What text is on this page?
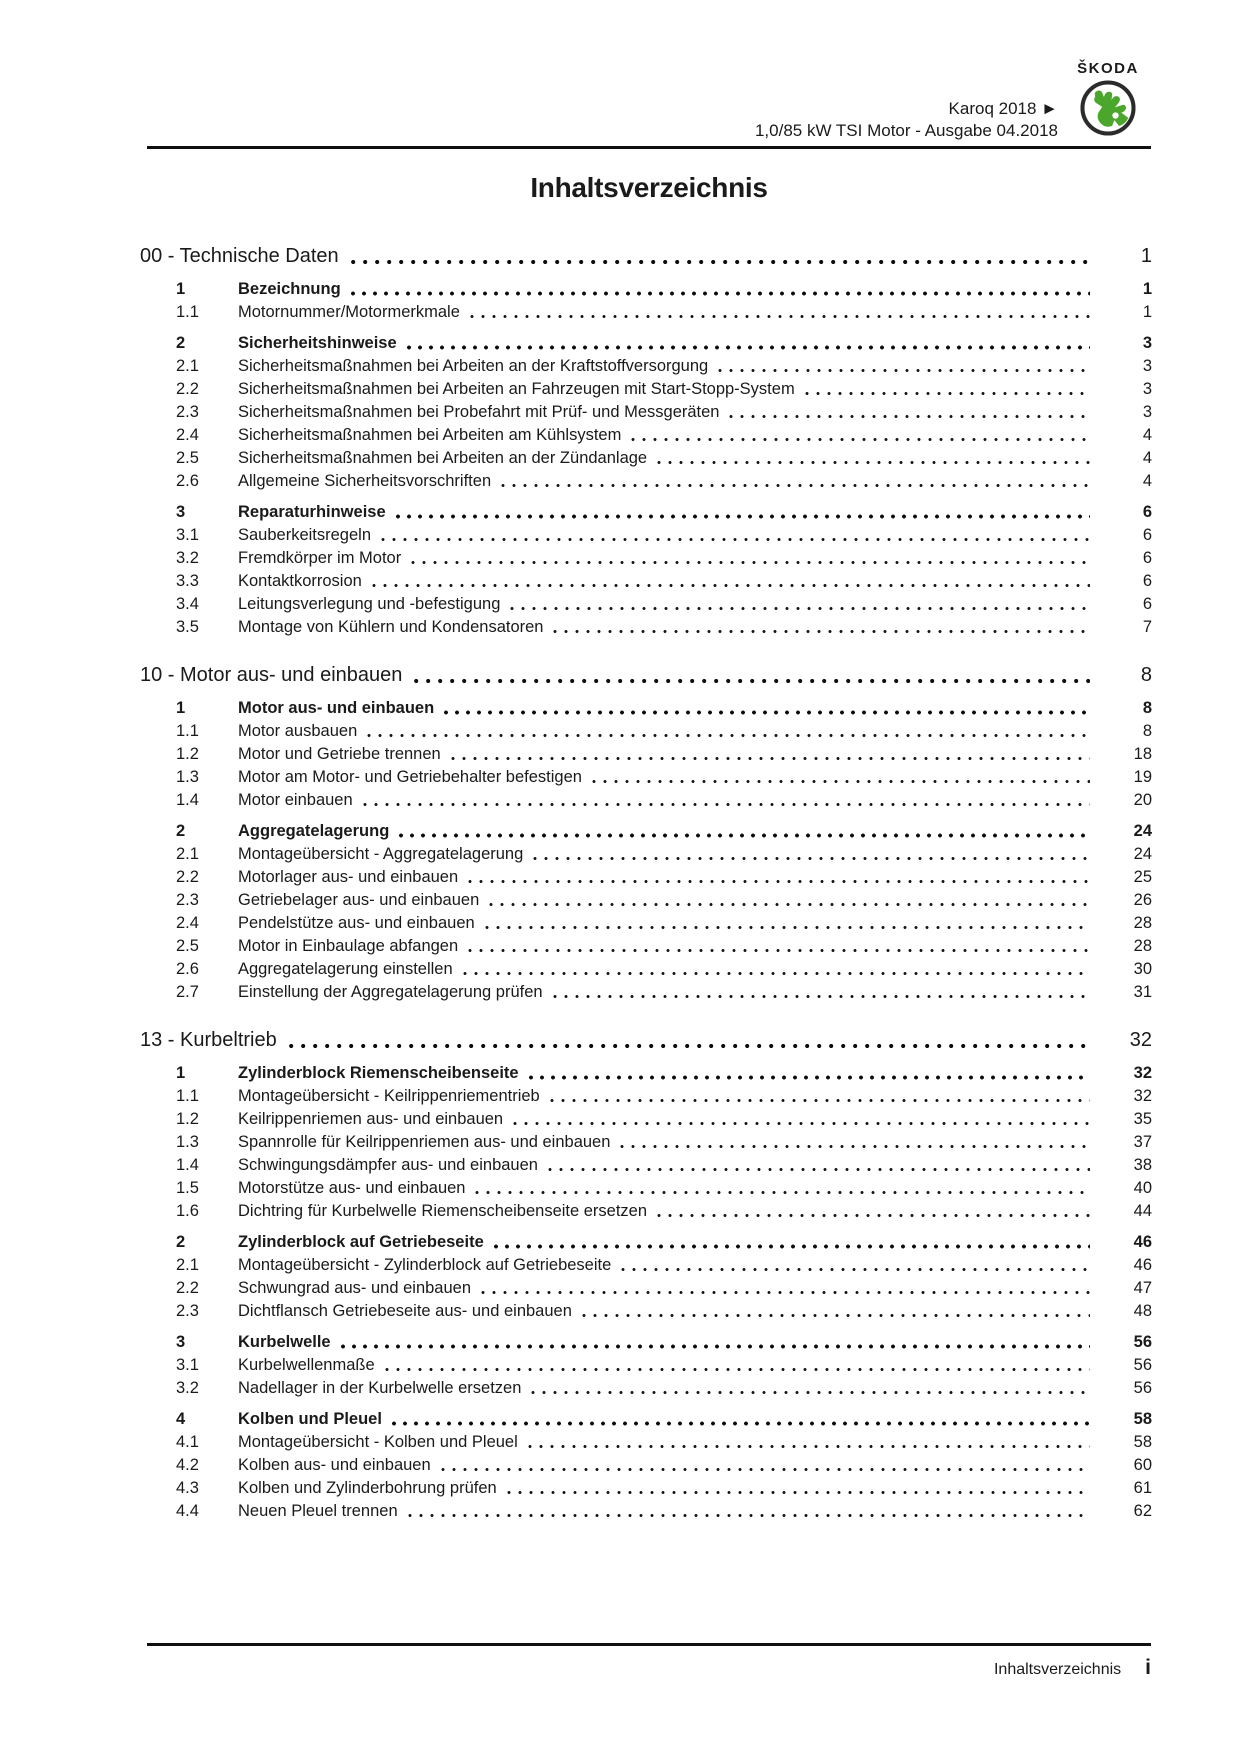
Karoq 2018 ►
1,0/85 kW TSI Motor - Ausgabe 04.2018
ŠKODA
Inhaltsverzeichnis
00 - Technische Daten	1
1	Bezeichnung	1
1.1	Motornummer/Motormerkmale	1
2	Sicherheitshinweise	3
2.1	Sicherheitsmaßnahmen bei Arbeiten an der Kraftstoffversorgung	3
2.2	Sicherheitsmaßnahmen bei Arbeiten an Fahrzeugen mit Start-Stopp-System	3
2.3	Sicherheitsmaßnahmen bei Probefahrt mit Prüf- und Messgeräten	3
2.4	Sicherheitsmaßnahmen bei Arbeiten am Kühlsystem	4
2.5	Sicherheitsmaßnahmen bei Arbeiten an der Zündanlage	4
2.6	Allgemeine Sicherheitsvorschriften	4
3	Reparaturhinweise	6
3.1	Sauberkeitsregeln	6
3.2	Fremdkörper im Motor	6
3.3	Kontaktkorrosion	6
3.4	Leitungsverlegung und -befestigung	6
3.5	Montage von Kühlern und Kondensatoren	7
10 - Motor aus- und einbauen	8
1	Motor aus- und einbauen	8
1.1	Motor ausbauen	8
1.2	Motor und Getriebe trennen	18
1.3	Motor am Motor- und Getriebehalter befestigen	19
1.4	Motor einbauen	20
2	Aggregatelagerung	24
2.1	Montageübersicht - Aggregatelagerung	24
2.2	Motorlager aus- und einbauen	25
2.3	Getriebelager aus- und einbauen	26
2.4	Pendelstütze aus- und einbauen	28
2.5	Motor in Einbaulage abfangen	28
2.6	Aggregatelagerung einstellen	30
2.7	Einstellung der Aggregatelagerung prüfen	31
13 - Kurbeltrieb	32
1	Zylinderblock Riemenscheibenseite	32
1.1	Montageübersicht - Keilrippenriementrieb	32
1.2	Keilrippenriemen aus- und einbauen	35
1.3	Spannrolle für Keilrippenriemen aus- und einbauen	37
1.4	Schwingungsdämpfer aus- und einbauen	38
1.5	Motorstütze aus- und einbauen	40
1.6	Dichtring für Kurbelwelle Riemenscheibenseite ersetzen	44
2	Zylinderblock auf Getriebeseite	46
2.1	Montageübersicht - Zylinderblock auf Getriebeseite	46
2.2	Schwungrad aus- und einbauen	47
2.3	Dichtflansch Getriebeseite aus- und einbauen	48
3	Kurbelwelle	56
3.1	Kurbelwellenmaße	56
3.2	Nadellager in der Kurbelwelle ersetzen	56
4	Kolben und Pleuel	58
4.1	Montageübersicht - Kolben und Pleuel	58
4.2	Kolben aus- und einbauen	60
4.3	Kolben und Zylinderbohrung prüfen	61
4.4	Neuen Pleuel trennen	62
Inhaltsverzeichnis i
